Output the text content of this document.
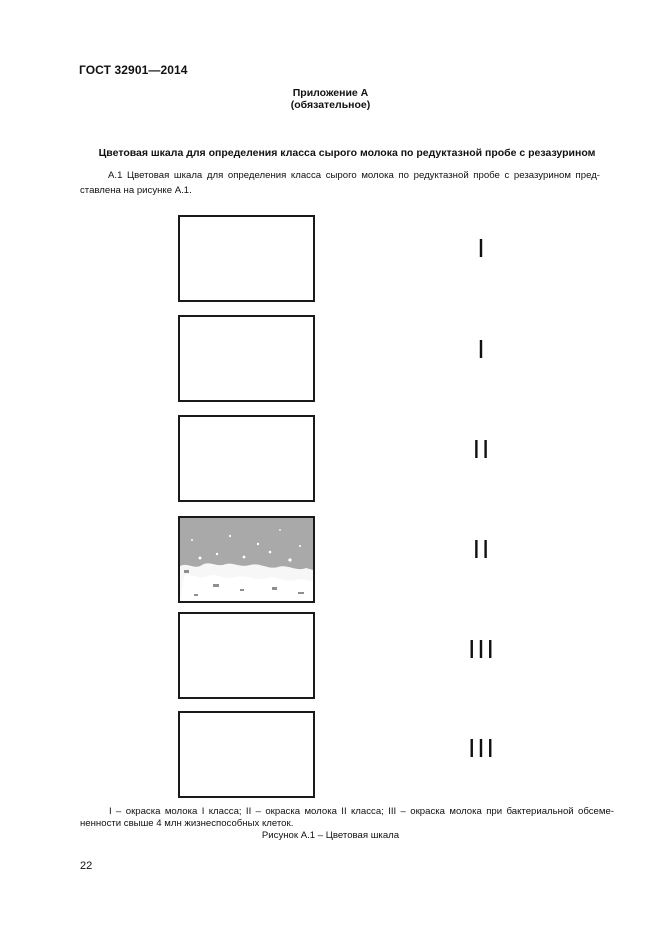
ГОСТ 32901—2014
Приложение А
(обязательное)
Цветовая шкала для определения класса сырого молока по редуктазной пробе с резазурином
А.1 Цветовая шкала для определения класса сырого молока по редуктазной пробе с резазурином пред-
ставлена на рисунке А.1.
I
I
II
II
III
III
I – окраска молока I класса; II – окраска молока II класса; III – окраска молока при бактериальной обсеме-
ненности свыше 4 млн жизнеспособных клеток.
Рисунок А.1 – Цветовая шкала
22
